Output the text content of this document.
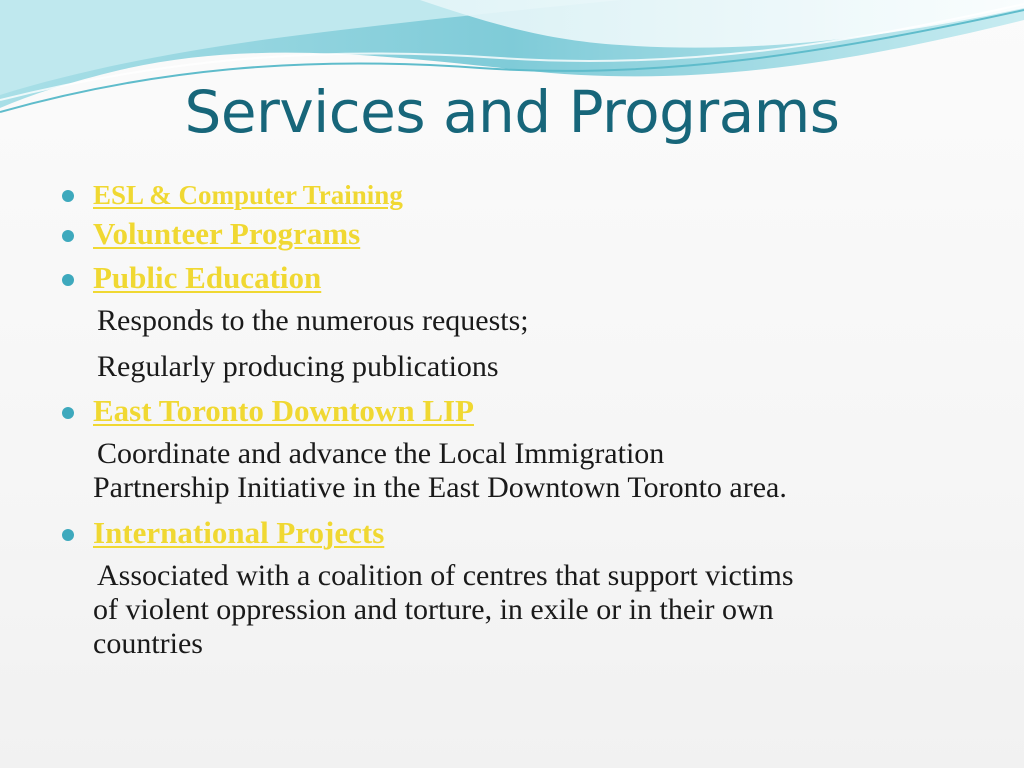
Services and Programs
ESL & Computer Training
Volunteer Programs
Public Education
Responds to the numerous requests;
Regularly producing publications
East Toronto Downtown LIP
Coordinate and advance the Local Immigration
Partnership Initiative in the East Downtown Toronto area.
International Projects
Associated with a coalition of centres that support victims
of violent oppression and torture, in exile or in their own
countries
